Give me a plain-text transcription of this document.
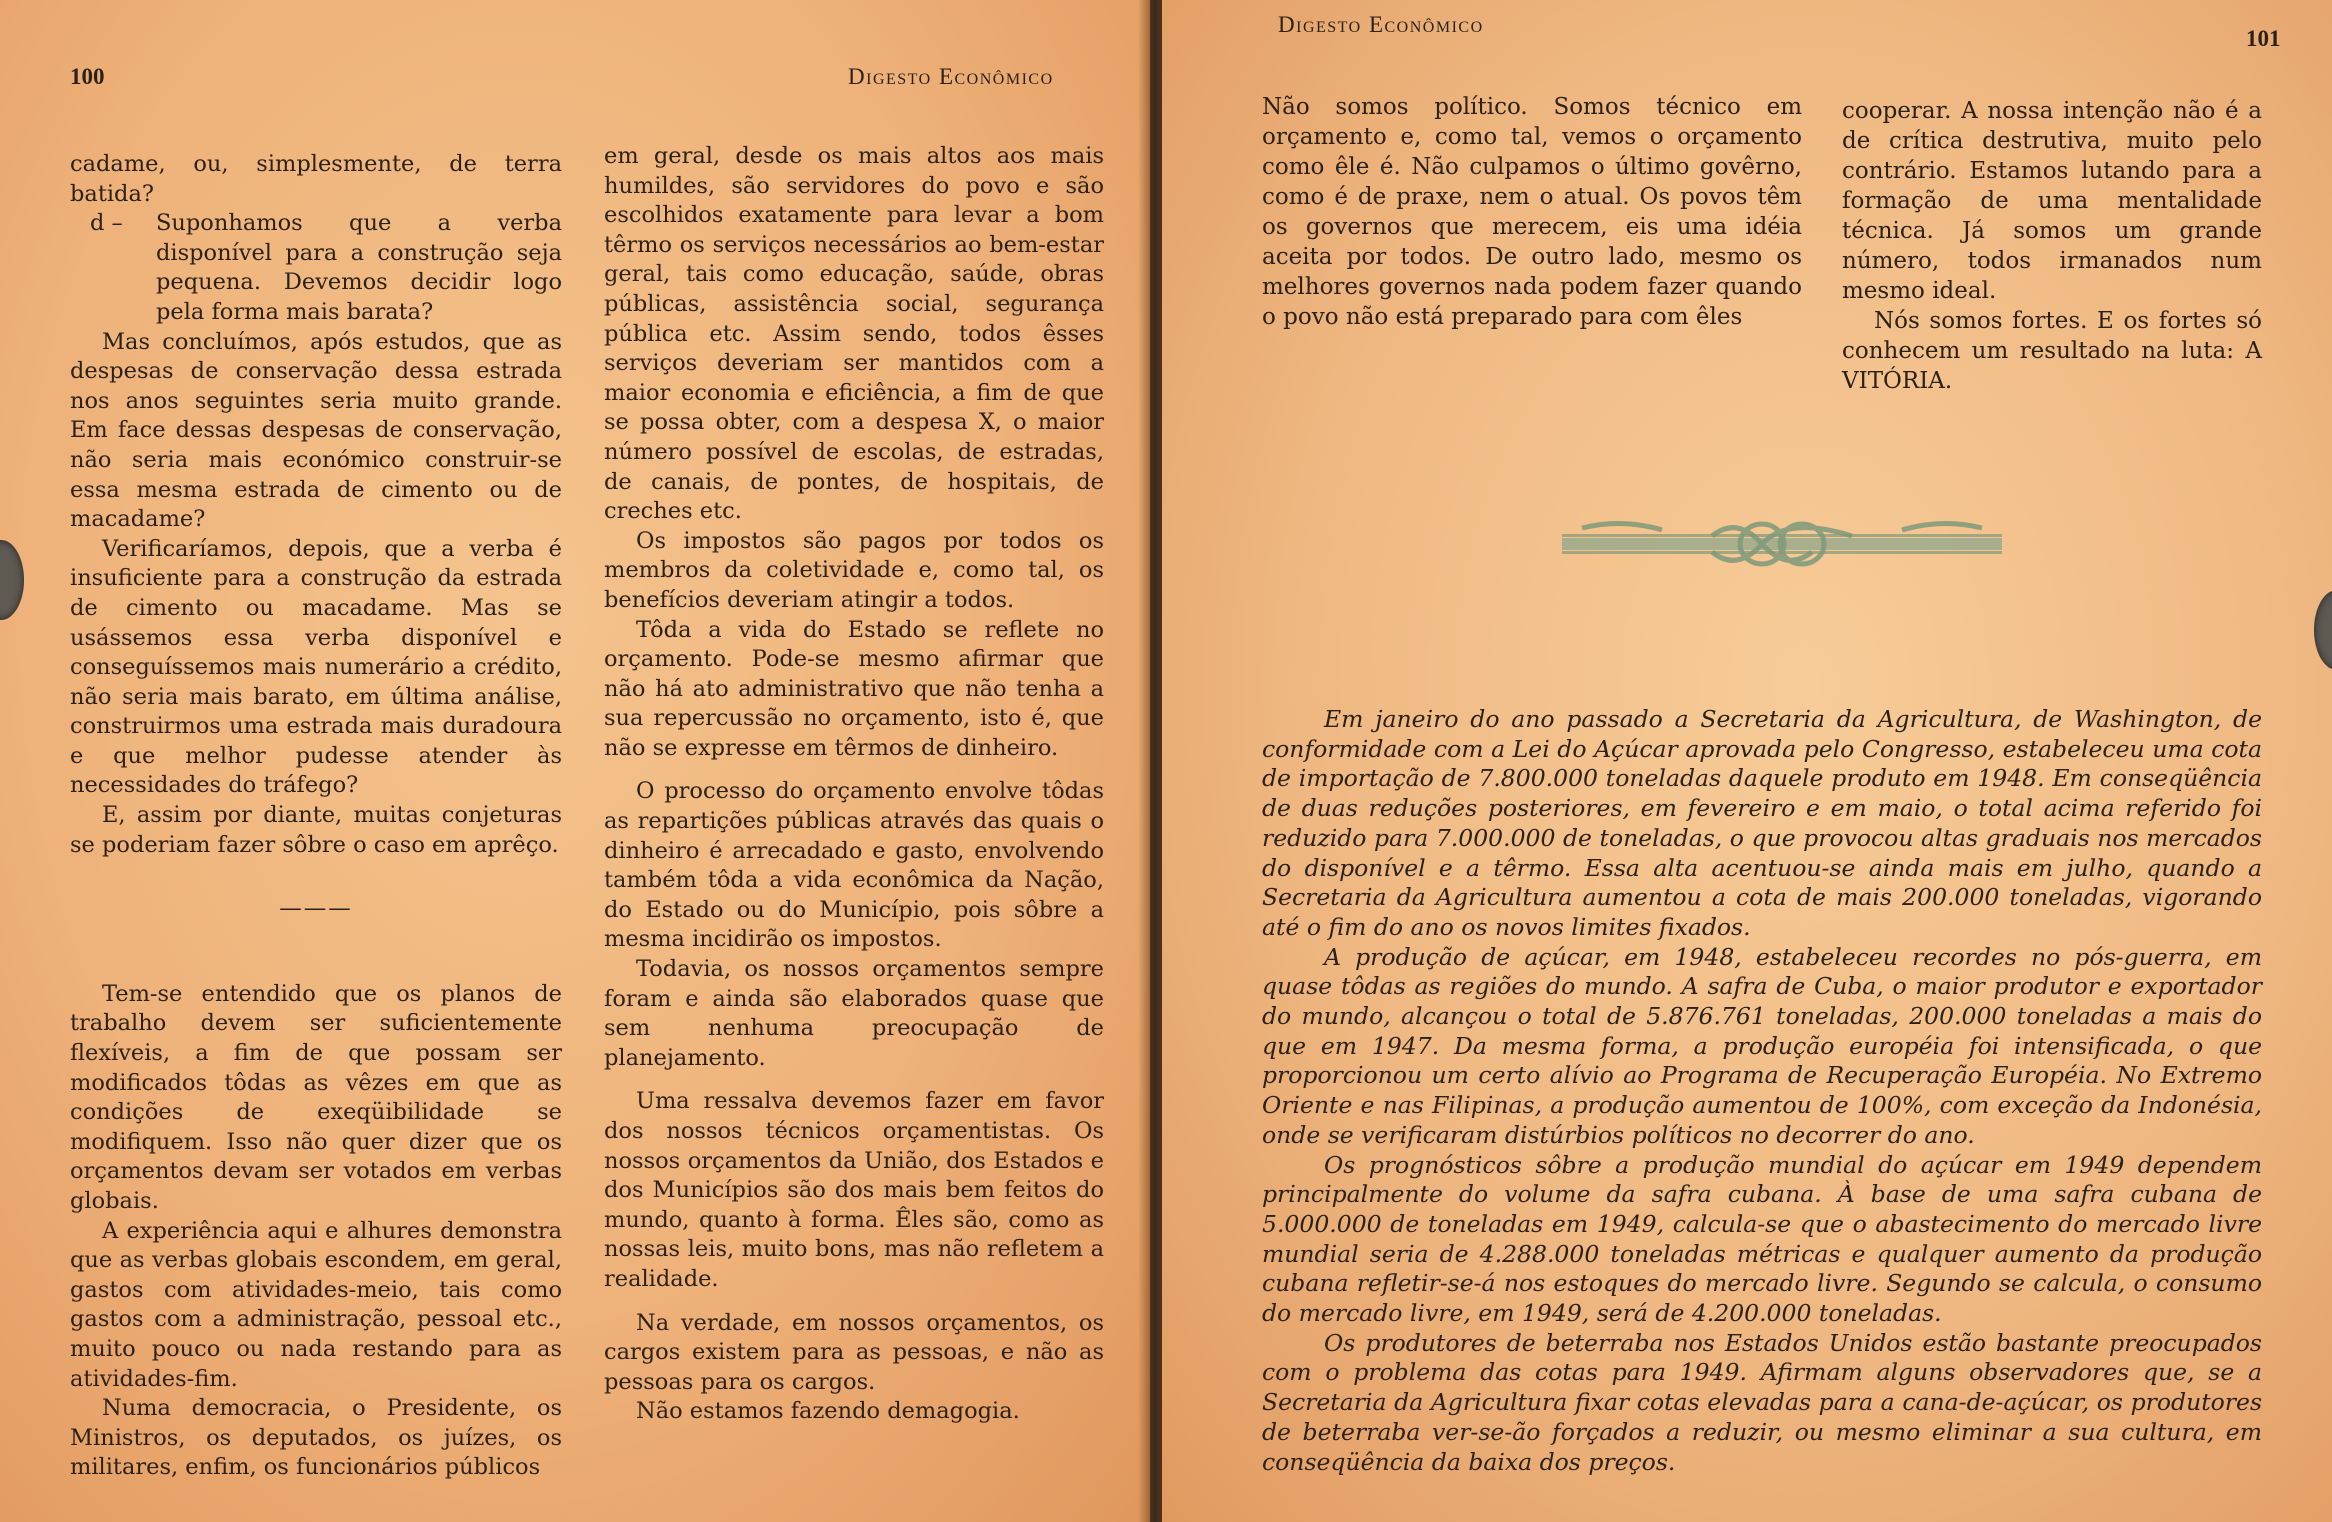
100	Digesto Econômico

cadame, ou, simplesmente, de terra batida?

d – Suponhamos que a verba disponível para a construção seja pequena. Devemos decidir logo pela forma mais barata?

Mas concluímos, após estudos, que as despesas de conservação dessa estrada nos anos seguintes seria muito grande. Em face dessas despesas de conservação, não seria mais económico construir-se essa mesma estrada de cimento ou de macadame?

Verificaríamos, depois, que a verba é insuficiente para a construção da estrada de cimento ou macadame. Mas se usássemos essa verba disponível e conseguíssemos mais numerário a crédito, não seria mais barato, em última análise, construirmos uma estrada mais duradoura e que melhor pudesse atender às necessidades do tráfego?

E, assim por diante, muitas conjeturas se poderiam fazer sôbre o caso em aprêço.

———

Tem-se entendido que os planos de trabalho devem ser suficientemente flexíveis, a fim de que possam ser modificados tôdas as vêzes em que as condições de exeqüibilidade se modifiquem. Isso não quer dizer que os orçamentos devam ser votados em verbas globais.

A experiência aqui e alhures demonstra que as verbas globais escondem, em geral, gastos com atividades-meio, tais como gastos com a administração, pessoal etc., muito pouco ou nada restando para as atividades-fim.

Numa democracia, o Presidente, os Ministros, os deputados, os juízes, os militares, enfim, os funcionários públicos

em geral, desde os mais altos aos mais humildes, são servidores do povo e são escolhidos exatamente para levar a bom têrmo os serviços necessários ao bem-estar geral, tais como educação, saúde, obras públicas, assistência social, segurança pública etc. Assim sendo, todos êsses serviços deveriam ser mantidos com a maior economia e eficiência, a fim de que se possa obter, com a despesa X, o maior número possível de escolas, de estradas, de canais, de pontes, de hospitais, de creches etc.

Os impostos são pagos por todos os membros da coletividade e, como tal, os benefícios deveriam atingir a todos.

Tôda a vida do Estado se reflete no orçamento. Pode-se mesmo afirmar que não há ato administrativo que não tenha a sua repercussão no orçamento, isto é, que não se expresse em têrmos de dinheiro.

O processo do orçamento envolve tôdas as repartições públicas através das quais o dinheiro é arrecadado e gasto, envolvendo também tôda a vida econômica da Nação, do Estado ou do Município, pois sôbre a mesma incidirão os impostos.

Todavia, os nossos orçamentos sempre foram e ainda são elaborados quase que sem nenhuma preocupação de planejamento.

Uma ressalva devemos fazer em favor dos nossos técnicos orçamentistas. Os nossos orçamentos da União, dos Estados e dos Municípios são dos mais bem feitos do mundo, quanto à forma. Êles são, como as nossas leis, muito bons, mas não refletem a realidade.

Na verdade, em nossos orçamentos, os cargos existem para as pessoas, e não as pessoas para os cargos.

Não estamos fazendo demagogia.

Digesto Econômico
101

Não somos político. Somos técnico em orçamento e, como tal, vemos o orçamento como êle é. Não culpamos o último govêrno, como é de praxe, nem o atual. Os povos têm os governos que merecem, eis uma idéia aceita por todos. De outro lado, mesmo os melhores governos nada podem fazer quando o povo não está preparado para com êles

cooperar. A nossa intenção não é a de crítica destrutiva, muito pelo contrário. Estamos lutando para a formação de uma mentalidade técnica. Já somos um grande número, todos irmanados num mesmo ideal.

Nós somos fortes. E os fortes só conhecem um resultado na luta: A VITÓRIA.

Em janeiro do ano passado a Secretaria da Agricultura, de Washington, de conformidade com a Lei do Açúcar aprovada pelo Congresso, estabeleceu uma cota de importação de 7.800.000 toneladas daquele produto em 1948. Em conseqüência de duas reduções posteriores, em fevereiro e em maio, o total acima referido foi reduzido para 7.000.000 de toneladas, o que provocou altas graduais nos mercados do disponível e a têrmo. Essa alta acentuou-se ainda mais em julho, quando a Secretaria da Agricultura aumentou a cota de mais 200.000 toneladas, vigorando até o fim do ano os novos limites fixados.

A produção de açúcar, em 1948, estabeleceu recordes no pós-guerra, em quase tôdas as regiões do mundo. A safra de Cuba, o maior produtor e exportador do mundo, alcançou o total de 5.876.761 toneladas, 200.000 toneladas a mais do que em 1947. Da mesma forma, a produção européia foi intensificada, o que proporcionou um certo alívio ao Programa de Recuperação Européia. No Extremo Oriente e nas Filipinas, a produção aumentou de 100%, com exceção da Indonésia, onde se verificaram distúrbios políticos no decorrer do ano.

Os prognósticos sôbre a produção mundial do açúcar em 1949 dependem principalmente do volume da safra cubana. À base de uma safra cubana de 5.000.000 de toneladas em 1949, calcula-se que o abastecimento do mercado livre mundial seria de 4.288.000 toneladas métricas e qualquer aumento da produção cubana refletir-se-á nos estoques do mercado livre. Segundo se calcula, o consumo do mercado livre, em 1949, será de 4.200.000 toneladas.

Os produtores de beterraba nos Estados Unidos estão bastante preocupados com o problema das cotas para 1949. Afirmam alguns observadores que, se a Secretaria da Agricultura fixar cotas elevadas para a cana-de-açúcar, os produtores de beterraba ver-se-ão forçados a reduzir, ou mesmo eliminar a sua cultura, em conseqüência da baixa dos preços.
